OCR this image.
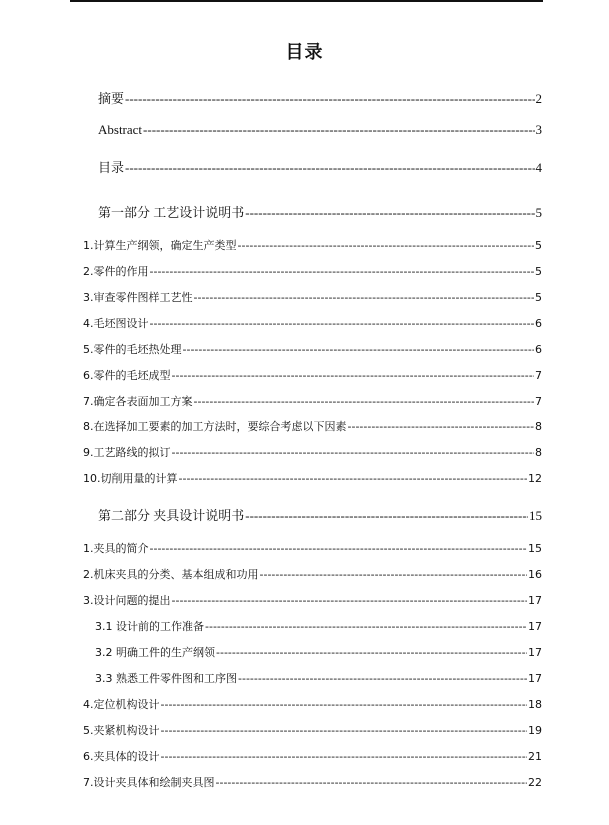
目录
摘要 -----	2
Abstract -----	3
目录 -----	4
第一部分 工艺设计说明书 -----	5
1.计算生产纲领，确定生产类型 -----	5
2.零件的作用 -----	5
3.审查零件图样工艺性 -----	5
4.毛坯图设计 -----	6
5.零件的毛坯热处理 -----	6
6.零件的毛坯成型 -----	7
7.确定各表面加工方案 -----	7
8.在选择加工要素的加工方法时，要综合考虑以下因素 -----	8
9.工艺路线的拟订 -----	8
10.切削用量的计算 -----	12
第二部分 夹具设计说明书 -----	15
1.夹具的简介 -----	15
2.机床夹具的分类、基本组成和功用 -----	16
3.设计问题的提出 -----	17
3.1 设计前的工作准备 -----	17
3.2 明确工件的生产纲领 -----	17
3.3 熟悉工件零件图和工序图 -----	17
4.定位机构设计 -----	18
5.夹紧机构设计 -----	19
6.夹具体的设计 -----	21
7.设计夹具体和绘制夹具图 -----	22
